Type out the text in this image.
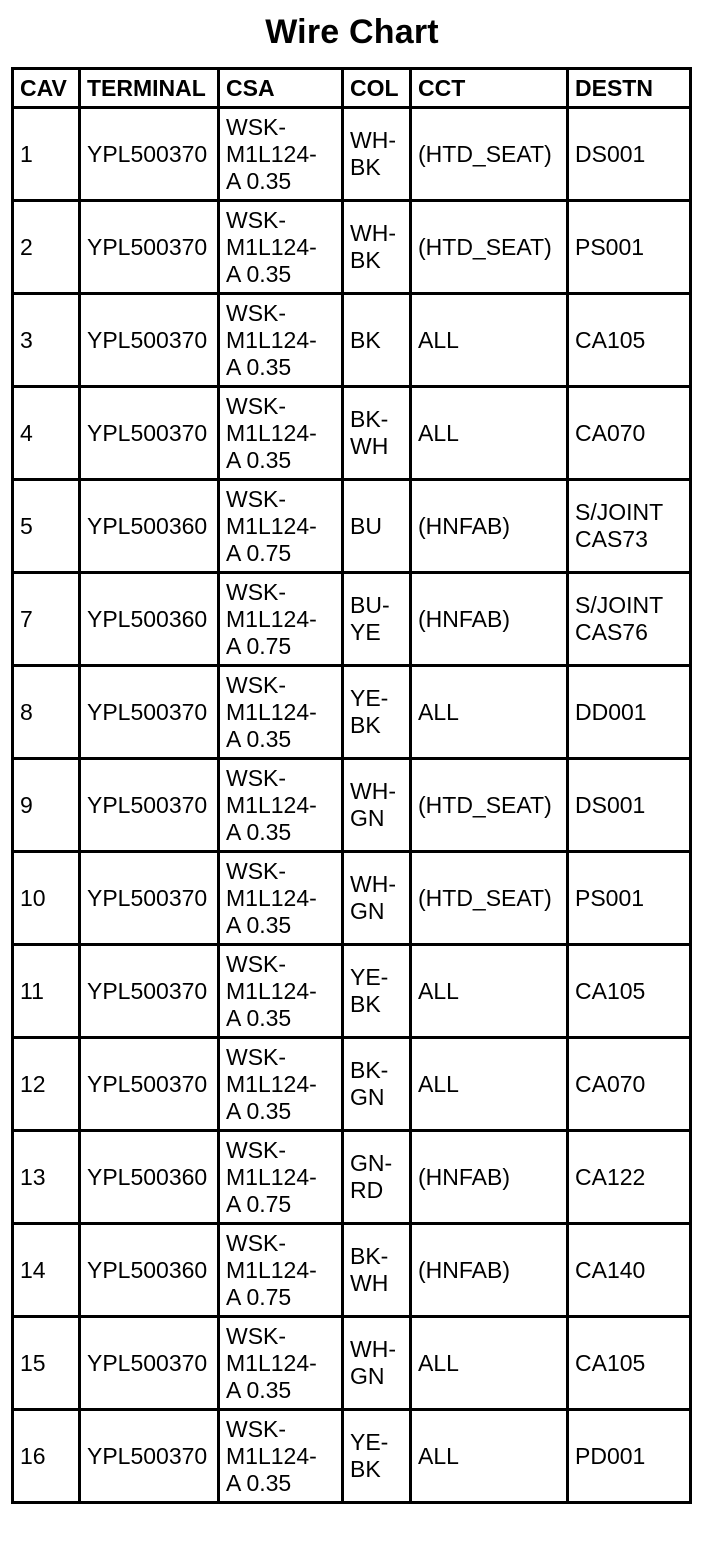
Wire Chart
CAV	TERMINAL	CSA	COL	CCT	DESTN
1	YPL500370	WSK-M1L124-A 0.35	WH-BK	(HTD_SEAT)	DS001

2	YPL500370	WSK-M1L124-A 0.35	WH-BK	(HTD_SEAT)	PS001

3	YPL500370	WSK-M1L124-A 0.35	BK	ALL	CA105

4	YPL500370	WSK-M1L124-A 0.35	BK-WH	ALL	CA070

5	YPL500360	WSK-M1L124-A 0.75	BU	(HNFAB)	S/JOINT CAS73

7	YPL500360	WSK-M1L124-A 0.75	BU-YE	(HNFAB)	S/JOINT CAS76

8	YPL500370	WSK-M1L124-A 0.35	YE-BK	ALL	DD001

9	YPL500370	WSK-M1L124-A 0.35	WH-GN	(HTD_SEAT)	DS001

10	YPL500370	WSK-M1L124-A 0.35	WH-GN	(HTD_SEAT)	PS001

11	YPL500370	WSK-M1L124-A 0.35	YE-BK	ALL	CA105

12	YPL500370	WSK-M1L124-A 0.35	BK-GN	ALL	CA070

13	YPL500360	WSK-M1L124-A 0.75	GN-RD	(HNFAB)	CA122

14	YPL500360	WSK-M1L124-A 0.75	BK-WH	(HNFAB)	CA140

15	YPL500370	WSK-M1L124-A 0.35	WH-GN	ALL	CA105

16	YPL500370	WSK-M1L124-A 0.35	YE-BK	ALL	PD001
